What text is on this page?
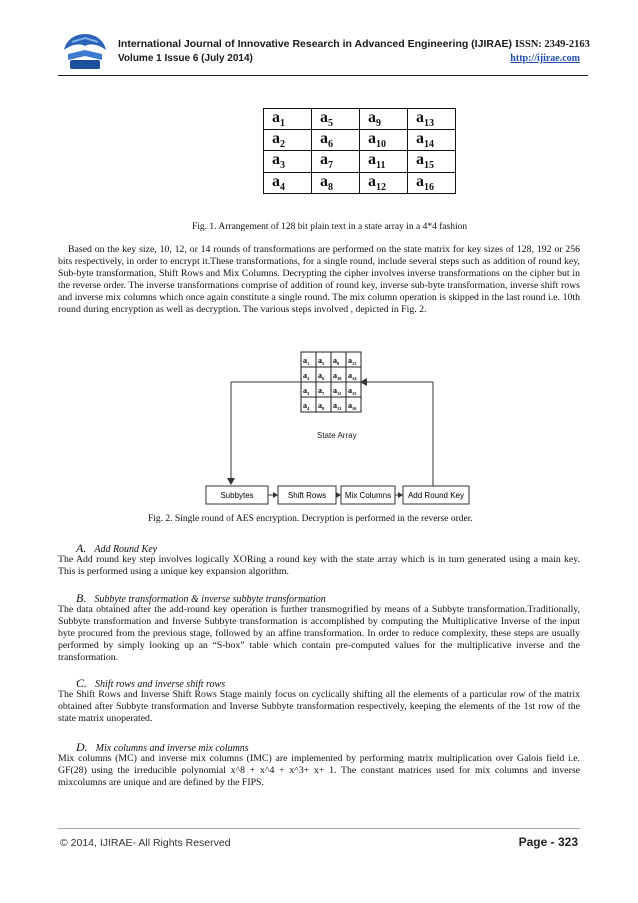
IJIRAE
International Journal of Innovative Research in Advanced Engineering (IJIRAE) ISSN: 2349-2163
Volume 1 Issue 6 (July 2014)	http://ijirae.com
$a_1$	$a_5$	$a_9$	$a_{13}$
$a_2$	$a_6$	$a_{10}$	$a_{14}$
$a_3$	$a_7$	$a_{11}$	$a_{15}$
$a_4$	$a_8$	$a_{12}$	$a_{16}$
Fig. 1. Arrangement of 128 bit plain text in a state array in a 4*4 fashion
Based on the key size, 10, 12, or 14 rounds of transformations are performed on the state matrix for key sizes of 128, 192 or 256 bits respectively, in order to encrypt it.These transformations, for a single round, include several steps such as addition of round key, Sub-byte transformation, Shift Rows and Mix Columns. Decrypting the cipher involves inverse transformations on the cipher but in the reverse order. The inverse transformations comprise of addition of round key, inverse sub-byte transformation, inverse shift rows and inverse mix columns which once again constitute a single round. The mix column operation is skipped in the last round i.e. 10th round during encryption as well as decryption. The various steps involved , depicted in Fig. 2.
$a_1$ $a_5$ $a_9$ $a_{13}$
$a_2$ $a_6$ $a_{10}$ $a_{14}$
$a_3$ $a_7$ $a_{11}$ $a_{15}$
$a_4$ $a_8$ $a_{12}$ $a_{16}$
State Array
Subbytes	Shift Rows Mix Columns Add Round Key
Fig. 2. Single round of AES encryption. Decryption is performed in the reverse order.
A. Add Round Key
The Add round key step involves logically XORing a round key with the state array which is in turn generated using a main key. This is performed using a unique key expansion algorithm.
B. Subbyte transformation & inverse subbyte transformation
The data obtained after the add-round key operation is further transmogrified by means of a Subbyte transformation.Traditionally, Subbyte transformation and Inverse Subbyte transformation is accomplished by computing the Multiplicative Inverse of the input byte procured from the previous stage, followed by an affine transformation. In order to reduce complexity, these steps are usually performed by simply looking up an “S-box” table which contain pre-computed values for the multiplicative inverse and the transformation.
C. Shift rows and inverse shift rows
The Shift Rows and Inverse Shift Rows Stage mainly focus on cyclically shifting all the elements of a particular row of the matrix obtained after Subbyte transformation and Inverse Subbyte transformation respectively, keeping the elements of the 1st row of the state matrix unoperated.
D. Mix columns and inverse mix columns
Mix columns (MC) and inverse mix columns (IMC) are implemented by performing matrix multiplication over Galois field i.e. GF(28) using the irreducible polynomial x^8 + x^4 + x^3+ x+ 1. The constant matrices used for mix columns and inverse mixcolumns are unique and are defined by the FIPS.
© 2014, IJIRAE- All Rights Reserved	Page - 323
